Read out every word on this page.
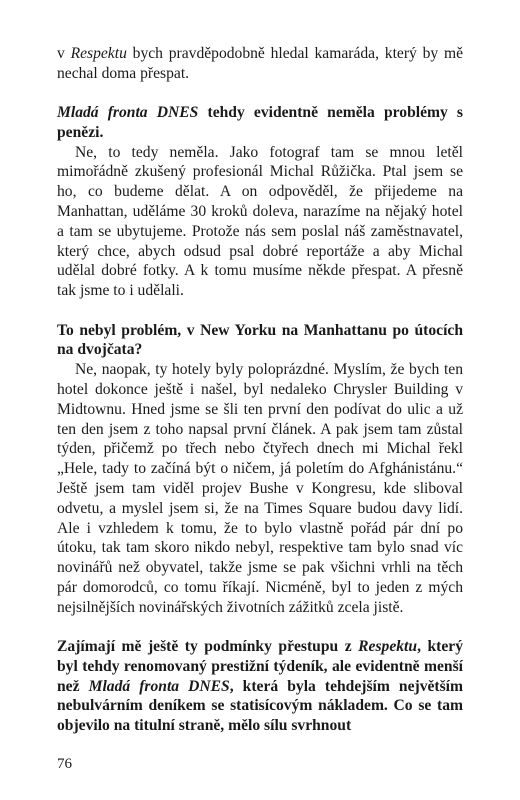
v Respektu bych pravděpodobně hledal kamaráda, který by mě nechal doma přespat.

Mladá fronta DNES tehdy evidentně neměla problémy s penězi.

Ne, to tedy neměla. Jako fotograf tam se mnou letěl mimořádně zkušený profesionál Michal Růžička. Ptal jsem se ho, co budeme dělat. A on odpověděl, že přijedeme na Manhattan, uděláme 30 kroků doleva, narazíme na nějaký hotel a tam se ubytujeme. Protože nás sem poslal náš zaměstnavatel, který chce, abych odsud psal dobré reportáže a aby Michal udělal dobré fotky. A k tomu musíme někde přespat. A přesně tak jsme to i udělali.

To nebyl problém, v New Yorku na Manhattanu po útocích na dvojčata?

Ne, naopak, ty hotely byly poloprázdné. Myslím, že bych ten hotel dokonce ještě i našel, byl nedaleko Chrysler Building v Midtownu. Hned jsme se šli ten první den podívat do ulic a už ten den jsem z toho napsal první článek. A pak jsem tam zůstal týden, přičemž po třech nebo čtyřech dnech mi Michal řekl „Hele, tady to začíná být o ničem, já poletím do Afghánistánu.“ Ještě jsem tam viděl projev Bushe v Kongresu, kde sliboval odvetu, a myslel jsem si, že na Times Square budou davy lidí. Ale i vzhledem k tomu, že to bylo vlastně pořád pár dní po útoku, tak tam skoro nikdo nebyl, respektive tam bylo snad víc novinářů než obyvatel, takže jsme se pak všichni vrhli na těch pár domorodců, co tomu říkají. Nicméně, byl to jeden z mých nejsilnějších novinářských životních zážitků zcela jistě.

Zajímají mě ještě ty podmínky přestupu z Respektu, který byl tehdy renomovaný prestižní týdeník, ale evidentně menší než Mladá fronta DNES, která byla tehdejším největším nebulvárním deníkem se statisícovým nákladem. Co se tam objevilo na titulní straně, mělo sílu svrhnout

76
